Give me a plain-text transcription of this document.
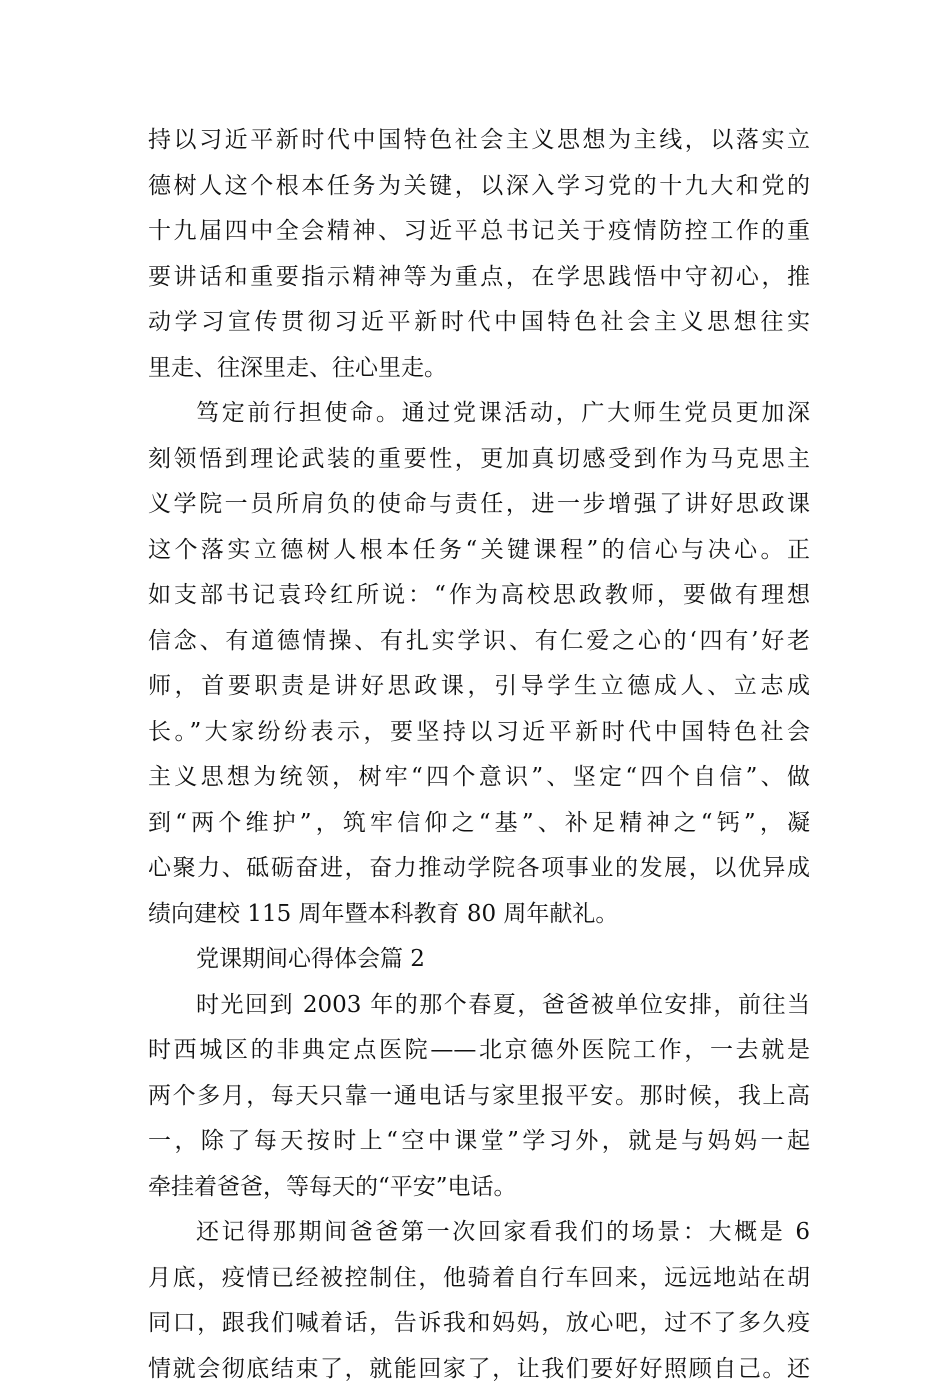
持以习近平新时代中国特色社会主义思想为主线，以落实立
德树人这个根本任务为关键，以深入学习党的十九大和党的
十九届四中全会精神、习近平总书记关于疫情防控工作的重
要讲话和重要指示精神等为重点，在学思践悟中守初心，推
动学习宣传贯彻习近平新时代中国特色社会主义思想往实
里走、往深里走、往心里走。
笃定前行担使命。通过党课活动，广大师生党员更加深
刻领悟到理论武装的重要性，更加真切感受到作为马克思主
义学院一员所肩负的使命与责任，进一步增强了讲好思政课
这个落实立德树人根本任务“关键课程”的信心与决心。正
如支部书记袁玲红所说：“作为高校思政教师，要做有理想
信念、有道德情操、有扎实学识、有仁爱之心的‘四有’好老
师，首要职责是讲好思政课，引导学生立德成人、立志成
长。”大家纷纷表示，要坚持以习近平新时代中国特色社会
主义思想为统领，树牢“四个意识”、坚定“四个自信”、做
到“两个维护”，筑牢信仰之“基”、补足精神之“钙”，凝
心聚力、砥砺奋进，奋力推动学院各项事业的发展，以优异成
绩向建校 115 周年暨本科教育 80 周年献礼。
党课期间心得体会篇 2
时光回到 2003 年的那个春夏，爸爸被单位安排，前往当
时西城区的非典定点医院——北京德外医院工作，一去就是
两个多月，每天只靠一通电话与家里报平安。那时候，我上高
一，除了每天按时上“空中课堂”学习外，就是与妈妈一起
牵挂着爸爸，等每天的“平安”电话。
还记得那期间爸爸第一次回家看我们的场景：大概是 6
月底，疫情已经被控制住，他骑着自行车回来，远远地站在胡
同口，跟我们喊着话，告诉我和妈妈，放心吧，过不了多久疫
情就会彻底结束了，就能回家了，让我们要好好照顾自己。还
